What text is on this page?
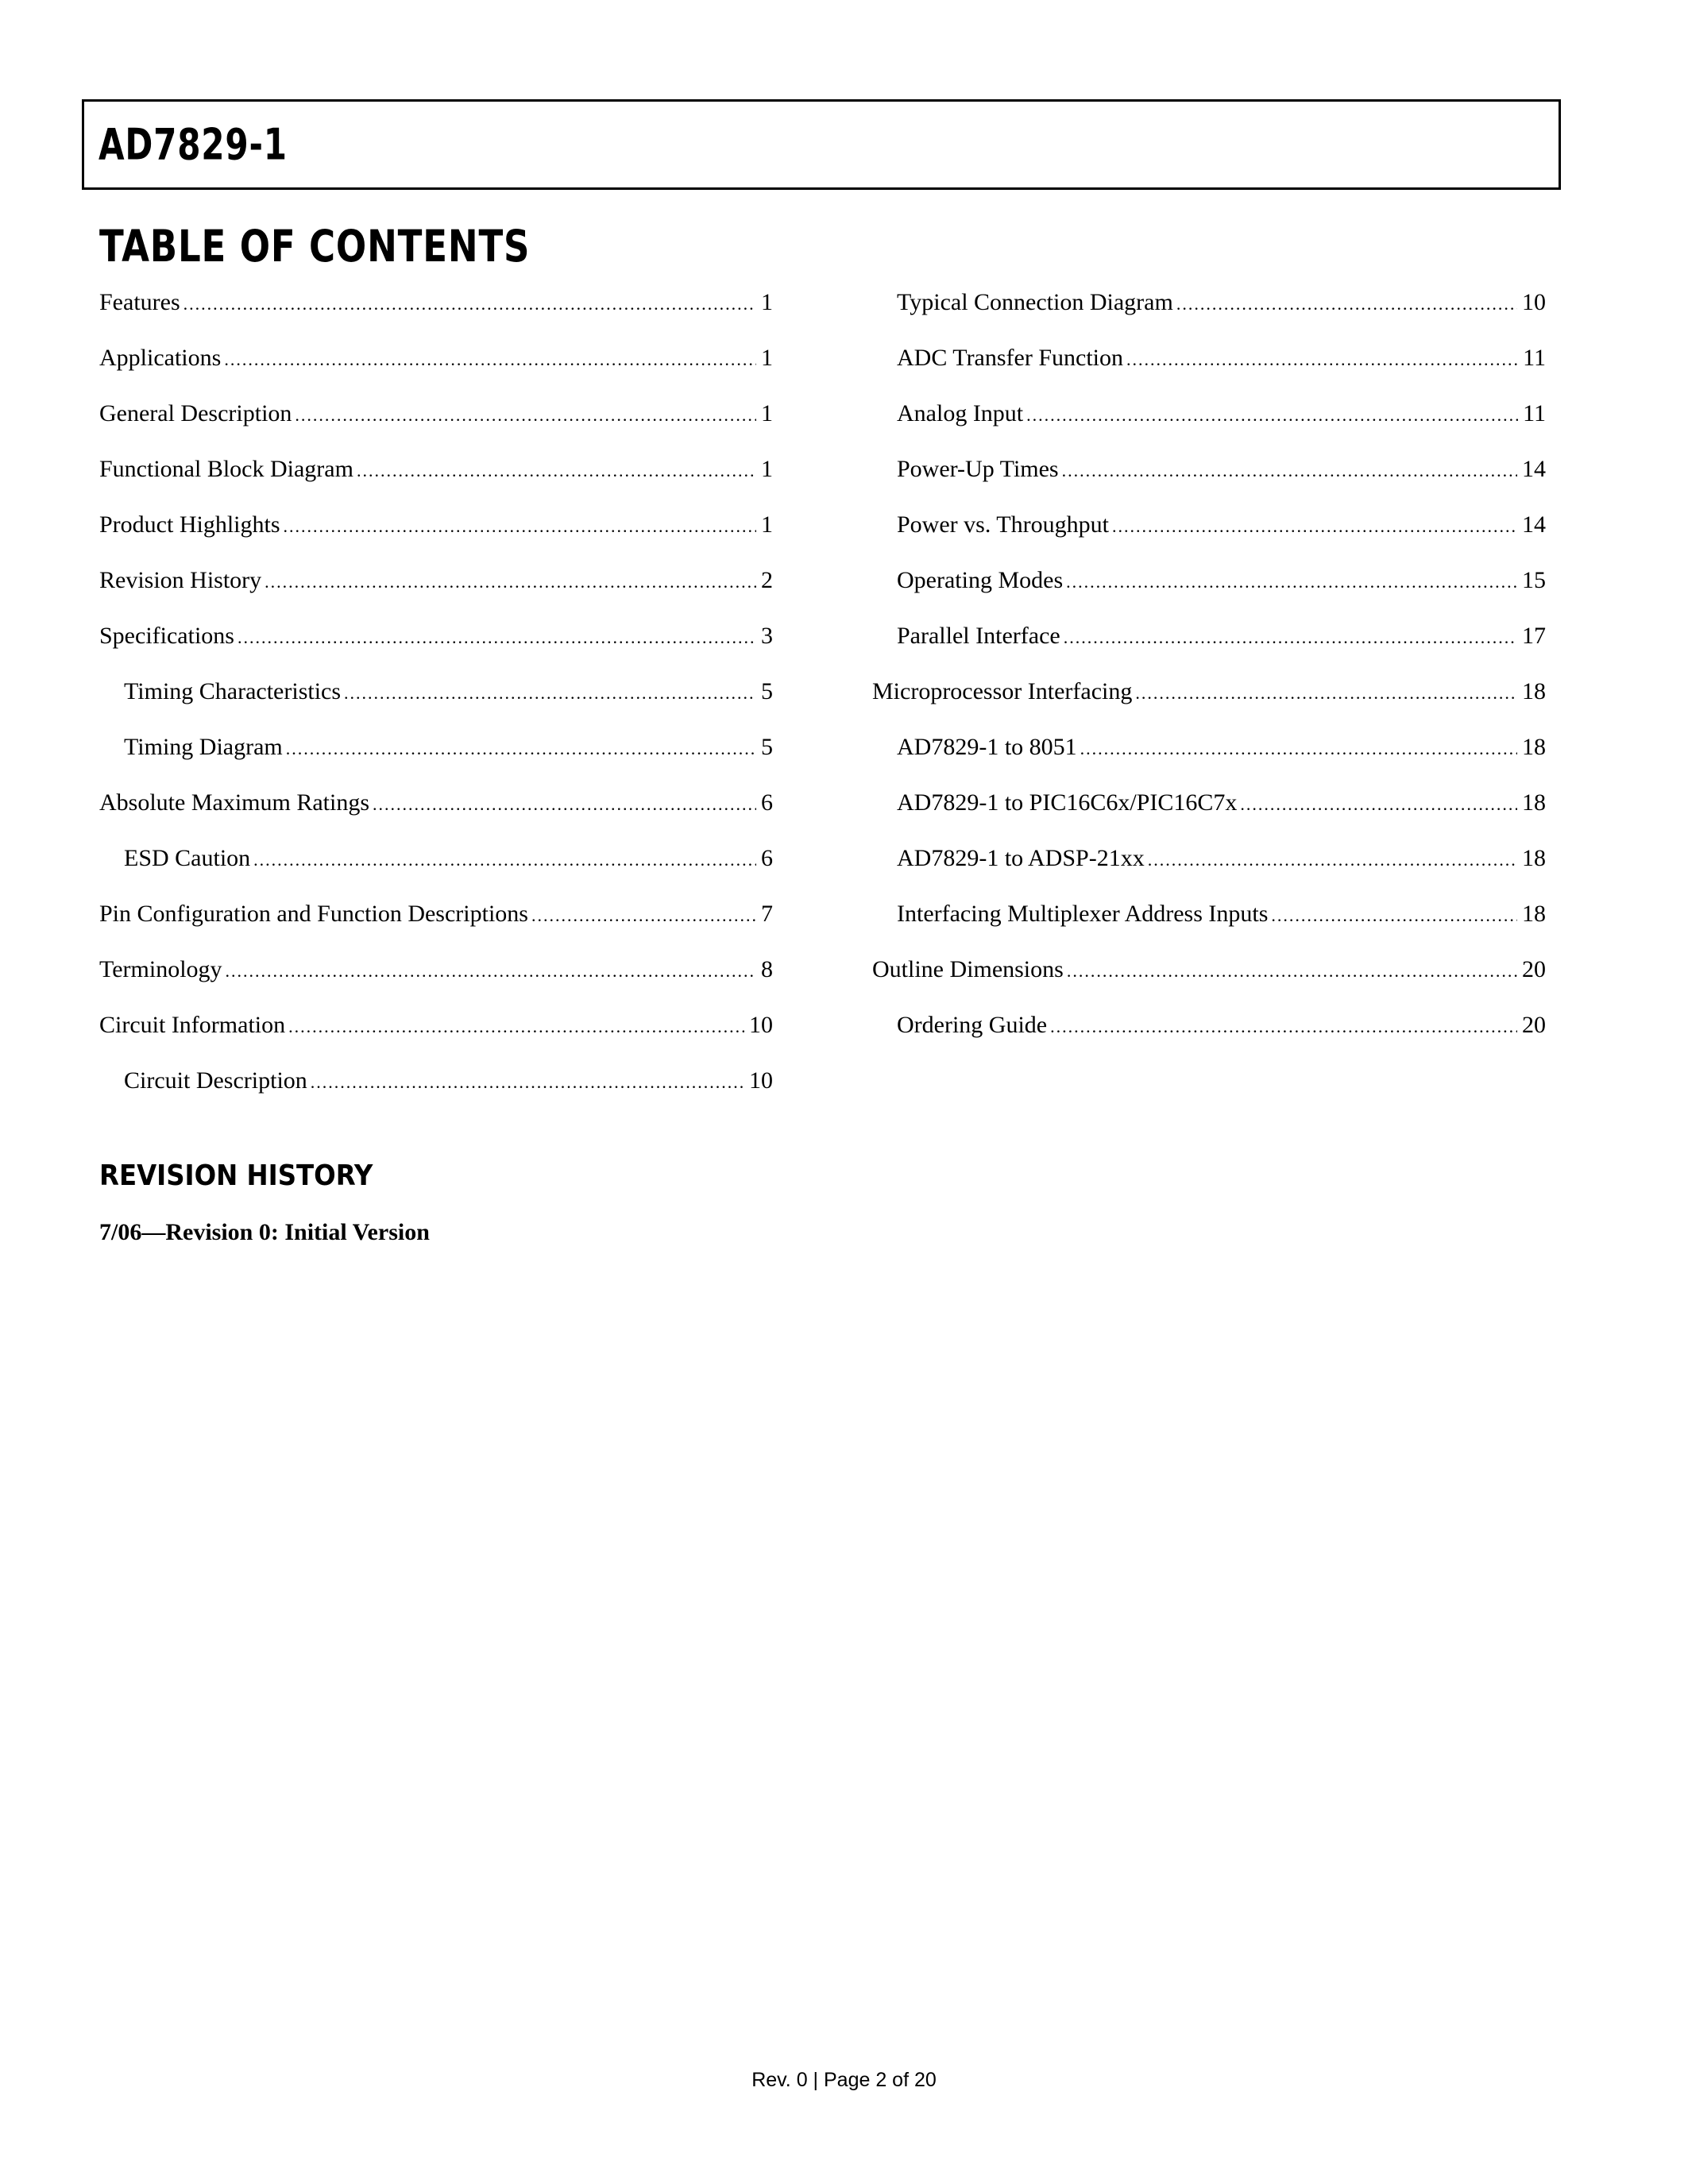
AD7829-1
TABLE OF CONTENTS
Features .....	1
Applications .....	1
General Description .....	1
Functional Block Diagram .....	1
Product Highlights .....	1
Revision History .....	2
Specifications .....	3
Timing Characteristics .....	5
Timing Diagram .....	5
Absolute Maximum Ratings .....	6
ESD Caution .....	6
Pin Configuration and Function Descriptions .....	7
Terminology .....	8
Circuit Information .....	10
Circuit Description .....	10
Typical Connection Diagram .....	10
ADC Transfer Function .....	11
Analog Input .....	11
Power-Up Times .....	14
Power vs. Throughput .....	14
Operating Modes .....	15
Parallel Interface .....	17
Microprocessor Interfacing .....	18
AD7829-1 to 8051 .....	18
AD7829-1 to PIC16C6x/PIC16C7x .....	18
AD7829-1 to ADSP-21xx .....	18
Interfacing Multiplexer Address Inputs .....	18
Outline Dimensions .....	20
Ordering Guide .....	20
REVISION HISTORY
7/06—Revision 0: Initial Version
Rev. 0 | Page 2 of 20
